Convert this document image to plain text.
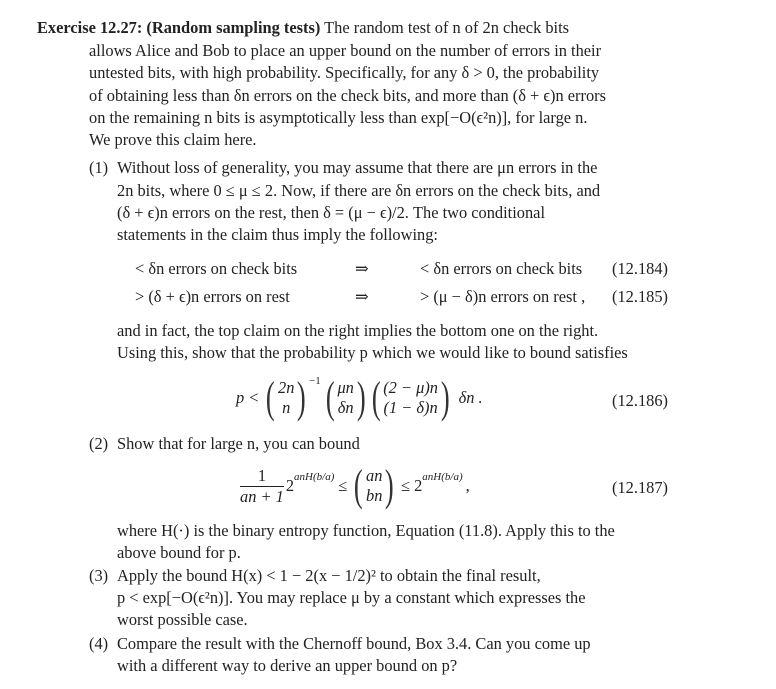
Exercise 12.27: (Random sampling tests) The random test of n of 2n check bits
allows Alice and Bob to place an upper bound on the number of errors in their
untested bits, with high probability. Specifically, for any δ > 0, the probability
of obtaining less than δn errors on the check bits, and more than (δ + ϵ)n errors
on the remaining n bits is asymptotically less than exp[−O(ϵ²n)], for large n.
We prove this claim here.
(1) Without loss of generality, you may assume that there are μn errors in the
2n bits, where 0 ≤ μ ≤ 2. Now, if there are δn errors on the check bits, and
(δ + ϵ)n errors on the rest, then δ = (μ − ϵ)/2. The two conditional
statements in the claim thus imply the following:
< δn errors on check bits	⇒	< δn errors on check bits (12.184)
> (δ + ϵ)n errors on rest	⇒	> (μ − δ)n errors on rest , (12.185)
and in fact, the top claim on the right implies the bottom one on the right.
Using this, show that the probability p which we would like to bound satisfies
p < ( 2n
n ) $^{-1}$ ( μn
δn ) ( (2 − μ)n
(1 − δ)n ) δn .	(12.186)
(2) Show that for large n, you can bound
$\frac{1}{an + 1} 2^{anH(b/a)}$ ≤ ( an
bn ) ≤ $2^{anH(b/a)}$ ,	(12.187)
where H(·) is the binary entropy function, Equation (11.8). Apply this to the
above bound for p.
(3) Apply the bound H(x) < 1 − 2(x − 1/2)² to obtain the final result,
p < exp[−O(ϵ²n)]. You may replace μ by a constant which expresses the
worst possible case.
(4) Compare the result with the Chernoff bound, Box 3.4. Can you come up
with a different way to derive an upper bound on p?
